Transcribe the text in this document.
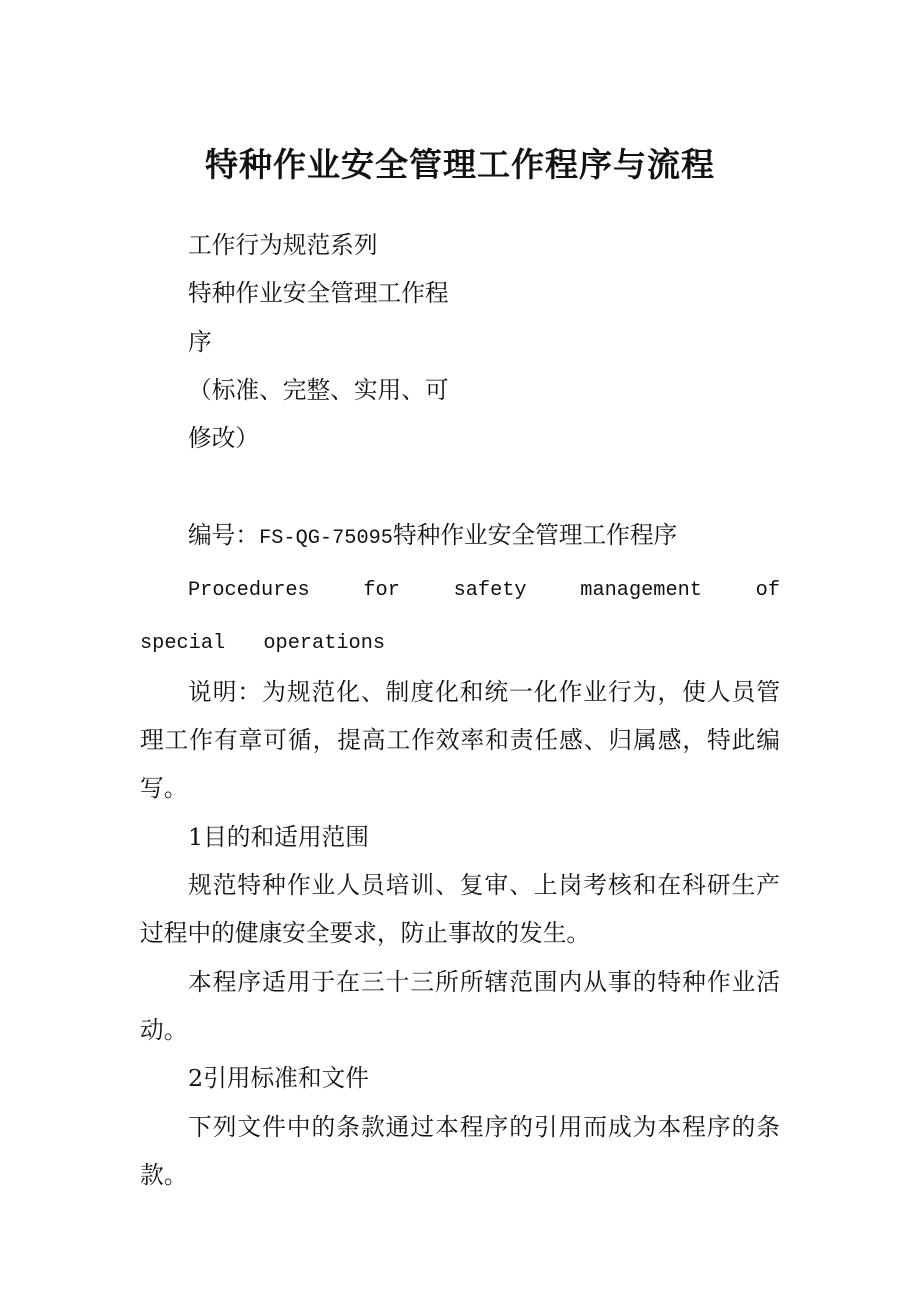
特种作业安全管理工作程序与流程
工作行为规范系列
特种作业安全管理工作程序
（标准、完整、实用、可修改）

编号：FS-QG-75095特种作业安全管理工作程序

Procedures for safety management of special operations

说明：为规范化、制度化和统一化作业行为，使人员管理工作有章可循，提高工作效率和责任感、归属感，特此编写。

1目的和适用范围

规范特种作业人员培训、复审、上岗考核和在科研生产过程中的健康安全要求，防止事故的发生。

本程序适用于在三十三所所辖范围内从事的特种作业活动。

2引用标准和文件

下列文件中的条款通过本程序的引用而成为本程序的条款。
